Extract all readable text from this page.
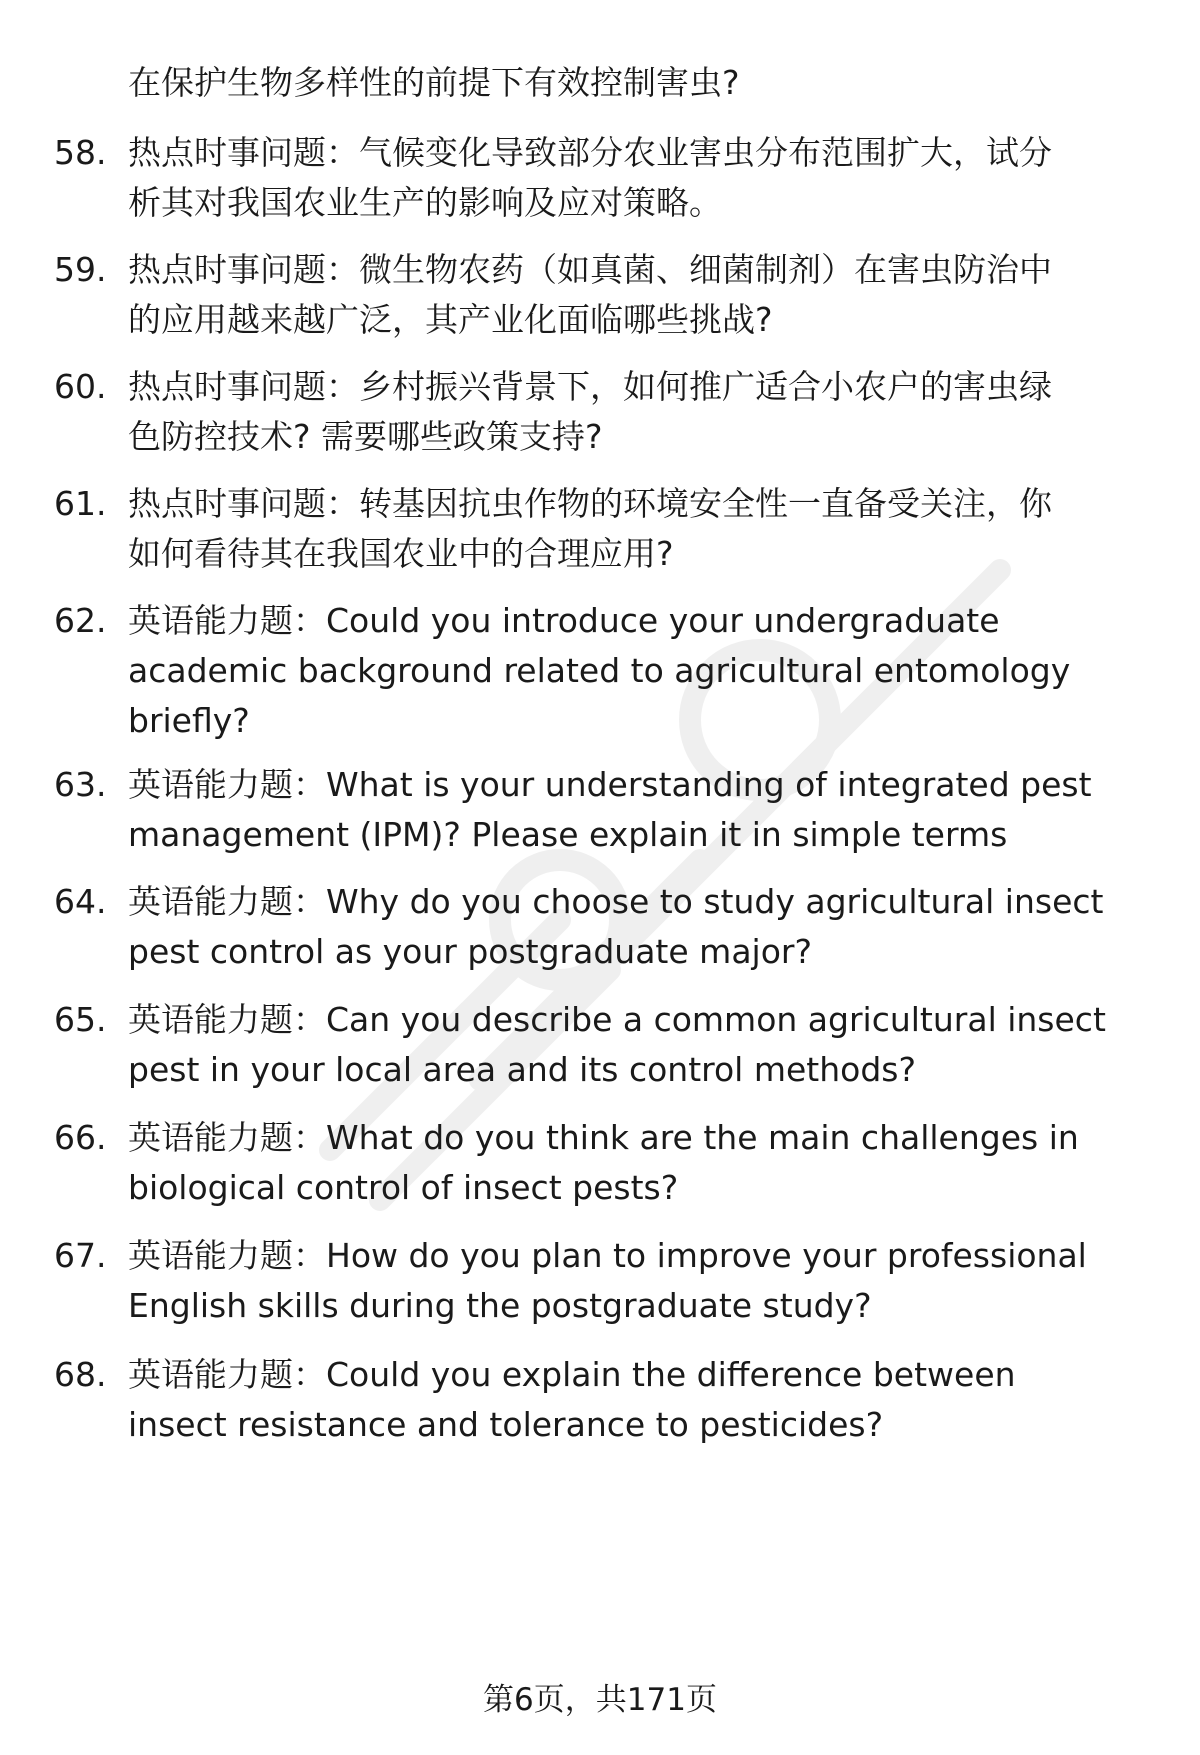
在保护生物多样性的前提下有效控制害虫?
58. 热点时事问题：气候变化导致部分农业害虫分布范围扩大，试分
析其对我国农业生产的影响及应对策略。
59. 热点时事问题：微生物农药（如真菌、细菌制剂）在害虫防治中
的应用越来越广泛，其产业化面临哪些挑战?
60. 热点时事问题：乡村振兴背景下，如何推广适合小农户的害虫绿
色防控技术? 需要哪些政策支持?
61. 热点时事问题：转基因抗虫作物的环境安全性一直备受关注，你
如何看待其在我国农业中的合理应用?
62. 英语能力题：Could you introduce your undergraduate
academic background related to agricultural entomology
briefly?
63. 英语能力题：What is your understanding of integrated pest
management (IPM)? Please explain it in simple terms
64. 英语能力题：Why do you choose to study agricultural insect
pest control as your postgraduate major?
65. 英语能力题：Can you describe a common agricultural insect
pest in your local area and its control methods?
66. 英语能力题：What do you think are the main challenges in
biological control of insect pests?
67. 英语能力题：How do you plan to improve your professional
English skills during the postgraduate study?
68. 英语能力题：Could you explain the difference between
insect resistance and tolerance to pesticides?
第6页，共171页
